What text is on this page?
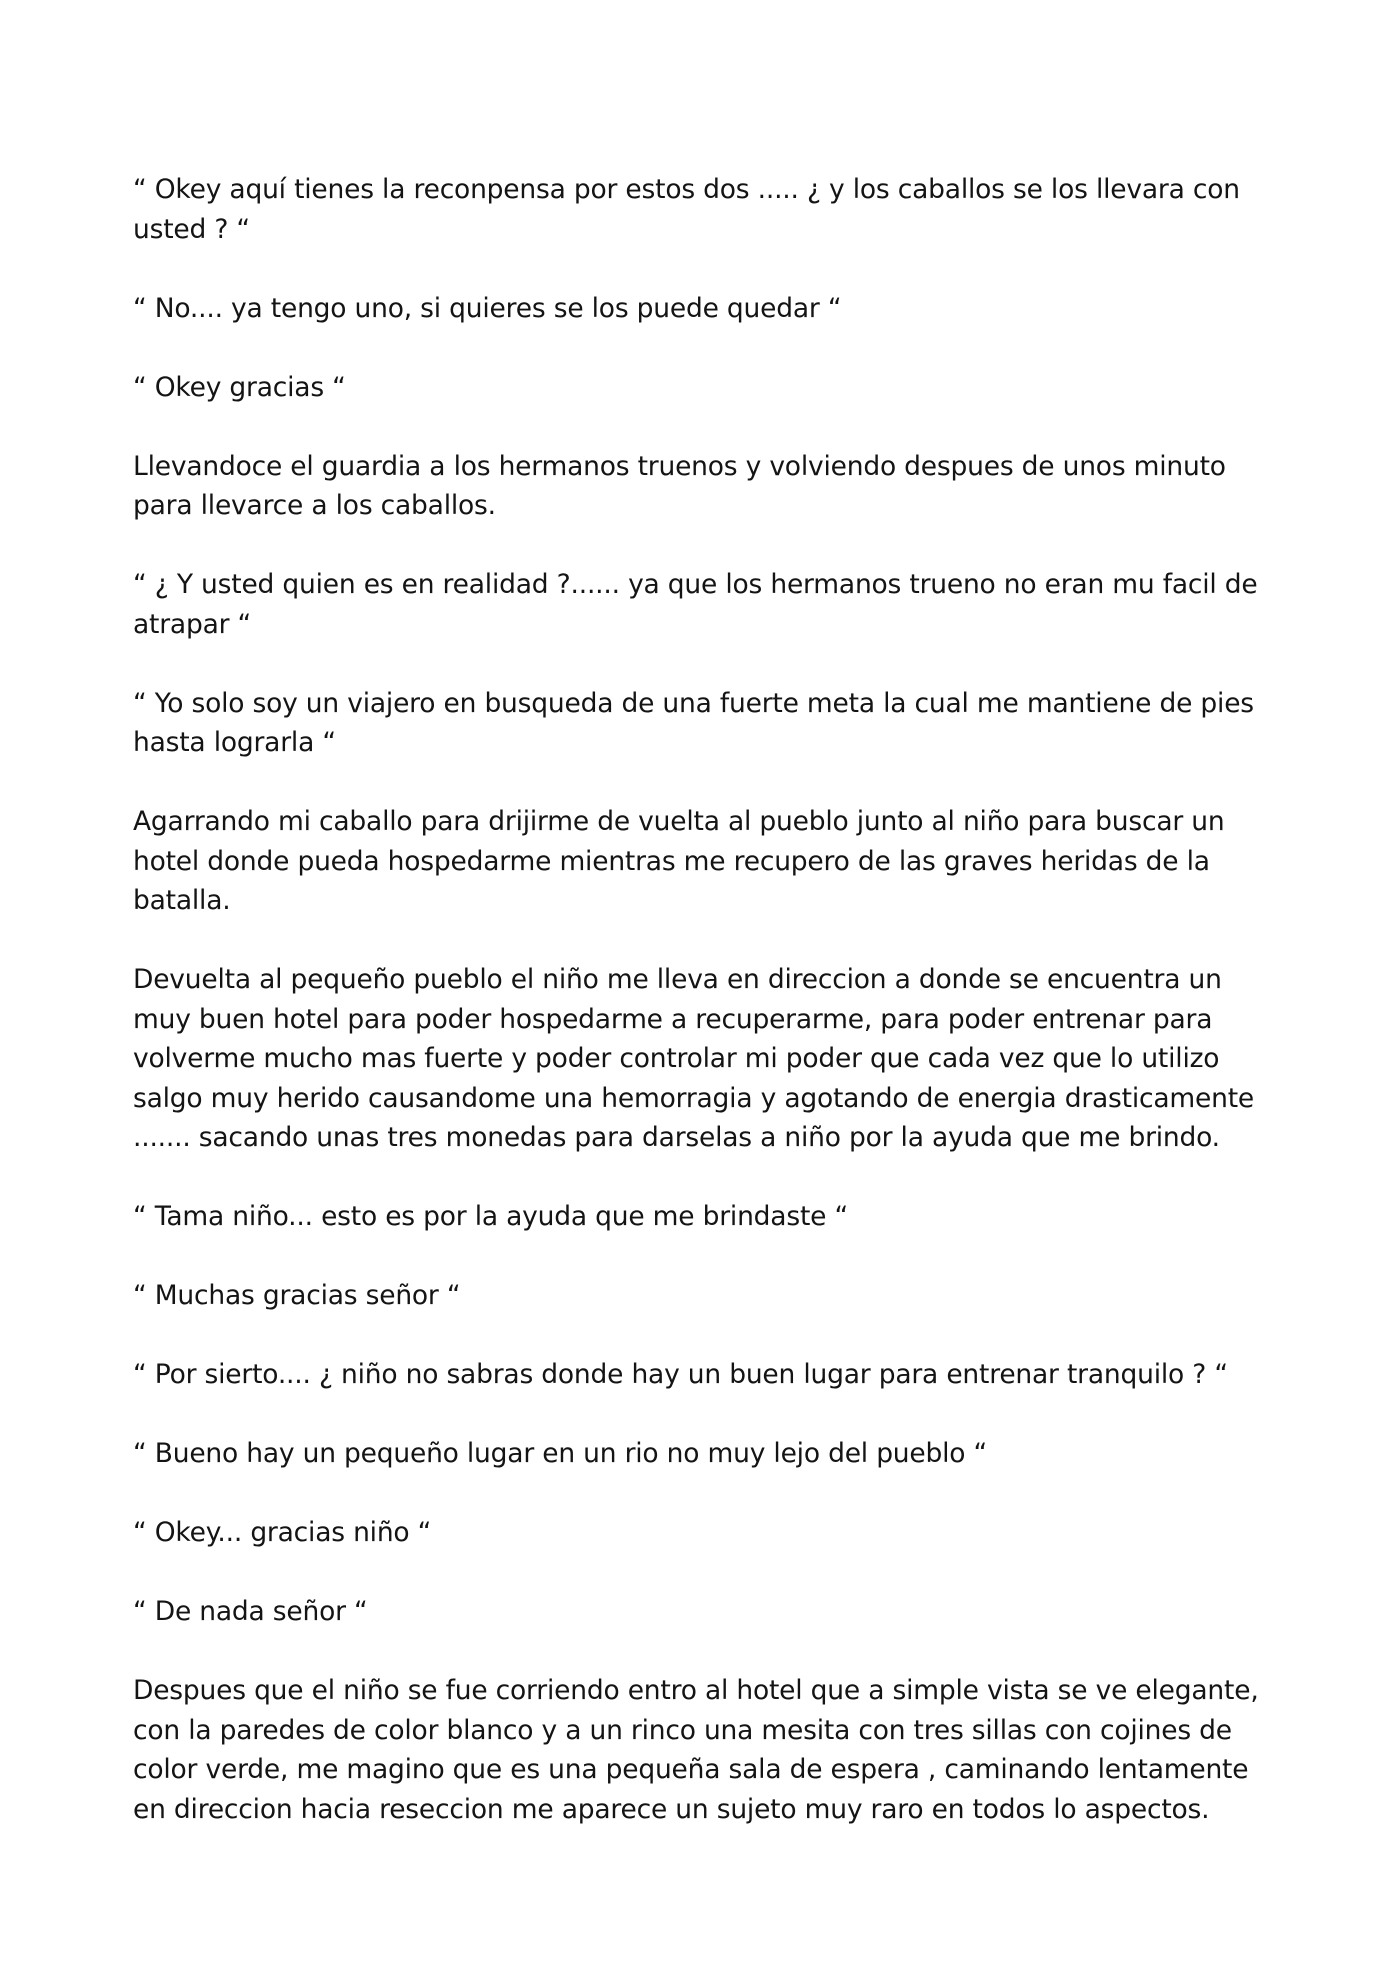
“ Okey aquí tienes la reconpensa por estos dos ..... ¿ y los caballos se los llevara con usted ? “

“ No.... ya tengo uno, si quieres se los puede quedar “

“ Okey gracias “

Llevandoce el guardia a los hermanos truenos y volviendo despues de unos minuto para llevarce a los caballos.

“ ¿ Y usted quien es en realidad ?...... ya que los hermanos trueno no eran mu facil de atrapar “

“ Yo solo soy un viajero en busqueda de una fuerte meta la cual me mantiene de pies hasta lograrla “

Agarrando mi caballo para drijirme de vuelta al pueblo junto al niño para buscar un hotel donde pueda hospedarme mientras me recupero de las graves heridas de la batalla.

Devuelta al pequeño pueblo el niño me lleva en direccion a donde se encuentra un muy buen hotel para poder hospedarme a recuperarme, para poder entrenar para volverme mucho mas fuerte y poder controlar mi poder que cada vez que lo utilizo salgo muy herido causandome una hemorragia y agotando de energia drasticamente ....... sacando unas tres monedas para darselas a niño por la ayuda que me brindo.

“ Tama niño... esto es por la ayuda que me brindaste “

“ Muchas gracias señor “

“ Por sierto.... ¿ niño no sabras donde hay un buen lugar para entrenar tranquilo ? “

“ Bueno hay un pequeño lugar en un rio no muy lejo del pueblo “

“ Okey... gracias niño “

“ De nada señor “

Despues que el niño se fue corriendo entro al hotel que a simple vista se ve elegante, con la paredes de color blanco y a un rinco una mesita con tres sillas con cojines de color verde, me magino que es una pequeña sala de espera , caminando lentamente en direccion hacia reseccion me aparece un sujeto muy raro en todos lo aspectos.
